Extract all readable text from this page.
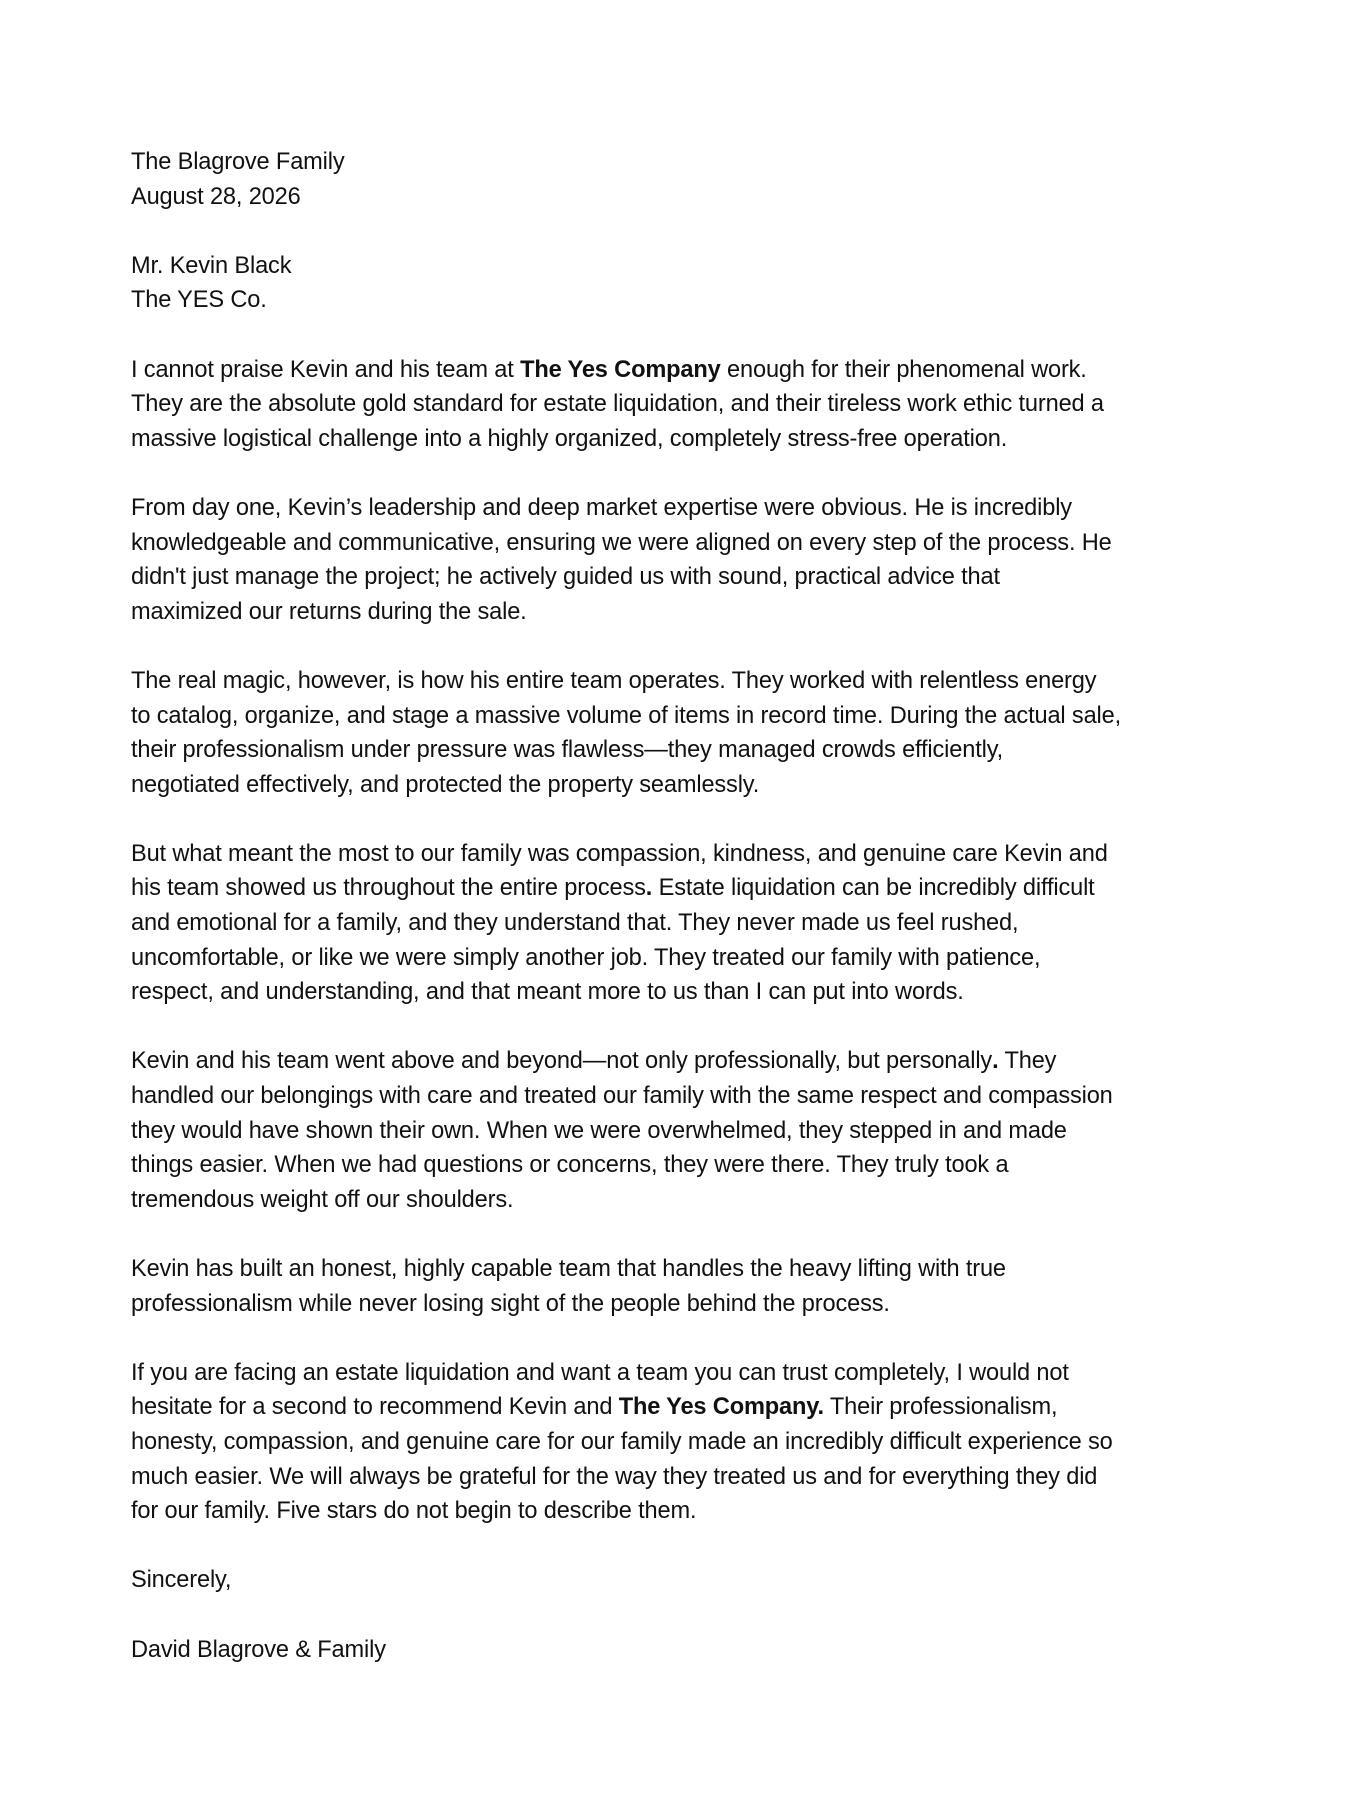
The Blagrove Family
August 28, 2026
Mr. Kevin Black
The YES Co.

I cannot praise Kevin and his team at The Yes Company enough for their phenomenal work.
They are the absolute gold standard for estate liquidation, and their tireless work ethic turned a
massive logistical challenge into a highly organized, completely stress-free operation.

From day one, Kevin’s leadership and deep market expertise were obvious. He is incredibly
knowledgeable and communicative, ensuring we were aligned on every step of the process. He
didn't just manage the project; he actively guided us with sound, practical advice that
maximized our returns during the sale.

The real magic, however, is how his entire team operates. They worked with relentless energy
to catalog, organize, and stage a massive volume of items in record time. During the actual sale,
their professionalism under pressure was flawless—they managed crowds efficiently,
negotiated effectively, and protected the property seamlessly.

But what meant the most to our family was compassion, kindness, and genuine care Kevin and
his team showed us throughout the entire process. Estate liquidation can be incredibly difficult
and emotional for a family, and they understand that. They never made us feel rushed,
uncomfortable, or like we were simply another job. They treated our family with patience,
respect, and understanding, and that meant more to us than I can put into words.

Kevin and his team went above and beyond—not only professionally, but personally. They
handled our belongings with care and treated our family with the same respect and compassion
they would have shown their own. When we were overwhelmed, they stepped in and made
things easier. When we had questions or concerns, they were there. They truly took a
tremendous weight off our shoulders.

Kevin has built an honest, highly capable team that handles the heavy lifting with true
professionalism while never losing sight of the people behind the process.

If you are facing an estate liquidation and want a team you can trust completely, I would not
hesitate for a second to recommend Kevin and The Yes Company. Their professionalism,
honesty, compassion, and genuine care for our family made an incredibly difficult experience so
much easier. We will always be grateful for the way they treated us and for everything they did
for our family. Five stars do not begin to describe them.

Sincerely,

David Blagrove & Family
